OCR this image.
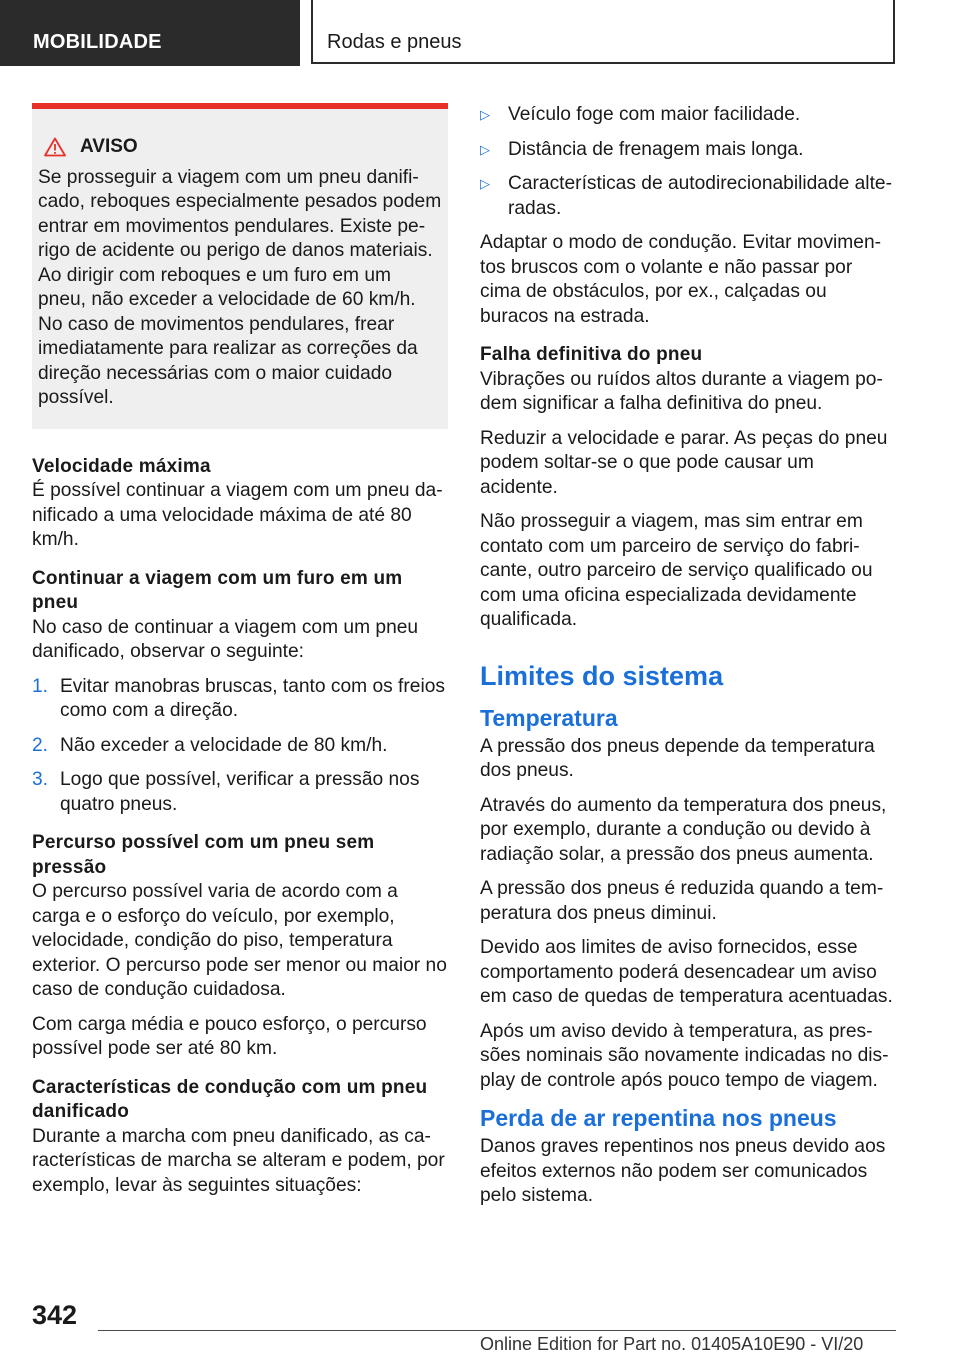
MOBILIDADE	Rodas e pneus
AVISO
Se prosseguir a viagem com um pneu danificado, reboques especialmente pesados podem entrar em movimentos pendulares. Existe perigo de acidente ou perigo de danos materiais. Ao dirigir com reboques e um furo em um pneu, não exceder a velocidade de 60 km/h. No caso de movimentos pendulares, frear imediatamente para realizar as correções da direção necessárias com o maior cuidado possível.
Velocidade máxima

É possível continuar a viagem com um pneu danificado a uma velocidade máxima de até 80 km/h.

Continuar a viagem com um furo em um pneu

No caso de continuar a viagem com um pneu danificado, observar o seguinte:

1. Evitar manobras bruscas, tanto com os freios como com a direção.
2. Não exceder a velocidade de 80 km/h.
3. Logo que possível, verificar a pressão nos quatro pneus.
Percurso possível com um pneu sem pressão

O percurso possível varia de acordo com a carga e o esforço do veículo, por exemplo, velocidade, condição do piso, temperatura exterior. O percurso pode ser menor ou maior no caso de condução cuidadosa.

Com carga média e pouco esforço, o percurso possível pode ser até 80 km.

Características de condução com um pneu danificado

Durante a marcha com pneu danificado, as características de marcha se alteram e podem, por exemplo, levar às seguintes situações:

▷ Veículo foge com maior facilidade.
▷ Distância de frenagem mais longa.
▷ Características de autodirecionabilidade alteradas.

Adaptar o modo de condução. Evitar movimentos bruscos com o volante e não passar por cima de obstáculos, por ex., calçadas ou buracos na estrada.

Falha definitiva do pneu

Vibrações ou ruídos altos durante a viagem podem significar a falha definitiva do pneu.

Reduzir a velocidade e parar. As peças do pneu podem soltar-se o que pode causar um acidente.

Não prosseguir a viagem, mas sim entrar em contato com um parceiro de serviço do fabricante, outro parceiro de serviço qualificado ou com uma oficina especializada devidamente qualificada.

Limites do sistema
Temperatura

A pressão dos pneus depende da temperatura dos pneus.

Através do aumento da temperatura dos pneus, por exemplo, durante a condução ou devido à radiação solar, a pressão dos pneus aumenta.

A pressão dos pneus é reduzida quando a temperatura dos pneus diminui.

Devido aos limites de aviso fornecidos, esse comportamento poderá desencadear um aviso em caso de quedas de temperatura acentuadas.

Após um aviso devido à temperatura, as pressões nominais são novamente indicadas no display de controle após pouco tempo de viagem.

Perda de ar repentina nos pneus

Danos graves repentinos nos pneus devido aos efeitos externos não podem ser comunicados pelo sistema.

342
Online Edition for Part no. 01405A10E90 - VI/20
